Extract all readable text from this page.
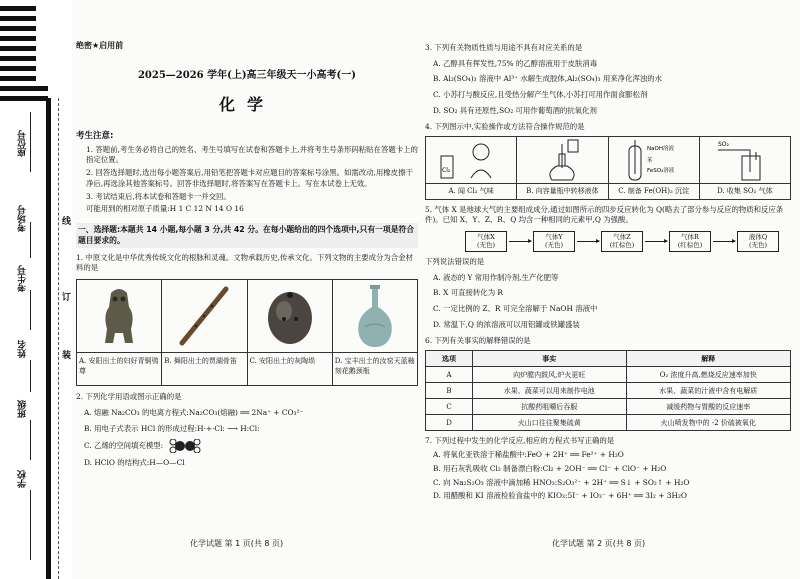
座位号
考场号
考生号
姓名
班级
学校
线
订
装
绝密★启用前
2025—2026 学年(上)高三年级天一小高考(一)
化学
考生注意:
1. 答题前,考生务必将自己的姓名、考生号填写在试卷和答题卡上,并将考生号条形码粘贴在答题卡上的指定位置。
2. 回答选择题时,选出每小题答案后,用铅笔把答题卡对应题目的答案标号涂黑。如需改动,用橡皮擦干净后,再选涂其他答案标号。回答非选择题时,将答案写在答题卡上。写在本试卷上无效。
3. 考试结束后,将本试卷和答题卡一并交回。
可能用到的相对原子质量:H 1 C 12 N 14 O 16
一、选择题:本题共 14 小题,每小题 3 分,共 42 分。在每小题给出的四个选项中,只有一项是符合题目要求的。
1. 中原文化是中华优秀传统文化的根脉和灵魂。文物承载历史,传承文化。下列文物的主要成分为合金材料的是
A. 安阳出土的妇好青铜鸮尊
B. 舞阳出土的贾湖骨笛	C. 安阳出土的灰陶埙	D. 宝丰出土的汝窑天蓝釉刻花鹅颈瓶
2. 下列化学用语或图示正确的是
A. 熔融 Na₂CO₃ 的电离方程式:Na₂CO₃(熔融) ══ 2Na⁺ + CO₃²⁻
B. 用电子式表示 HCl 的形成过程:H·+·Cl: ⟶ H:Cl:
C. 乙烯的空间填充模型:
D. HClO 的结构式:H—O—Cl
3. 下列有关物质性质与用途不具有对应关系的是
A. 乙醇具有挥发性,75% 的乙醇溶液用于皮肤消毒
B. Al₂(SO₄)₃ 溶液中 Al³⁺ 水解生成胶体,Al₂(SO₄)₃ 用来净化浑浊的水
C. 小苏打与酸反应,且受热分解产生气体,小苏打可用作面食膨松剂
D. SO₂ 具有还原性,SO₂ 可用作葡萄酒的抗氧化剂
4. 下列图示中,实验操作或方法符合操作规范的是
Cl₂
A. 闻 Cl₂ 气味	B. 向容量瓶中转移液体
NaOH溶液
苯
FeSO₄溶液
C. 制备 Fe(OH)₂ 沉淀
SO₂
D. 收集 SO₂ 气体
5. 气体 X 是地球大气的主要组成成分,通过如图所示的四步反应转化为 Q(略去了部分参与反应的物质和反应条件)。已知 X、Y、Z、R、Q 均含一种相同的元素甲,Q 为强酸。
气体X
(无色)
气体Y
(无色)
气体Z
(红棕色)
气体R
(红棕色)
液体Q
(无色)
下列说法错误的是
A. 液态的 Y 常用作制冷剂,生产化肥等
B. X 可直接转化为 R
C. 一定比例的 Z、R 可完全溶解于 NaOH 溶液中
D. 常温下,Q 的浓溶液可以用铝罐或铁罐盛装
6. 下列有关事实的解释错误的是
选项	事实	解释
A	向炉膛内鼓风,炉火更旺	O₂ 浓度升高,燃烧反应速率加快
B	水果、蔬菜可以用来制作电池	水果、蔬菜的汁液中含有电解质
C	抗酸药咀嚼后吞服	减缓药物与胃酸的反应速率
D	火山口往往聚集硫黄	火山喷发物中的 -2 价硫被氧化
7. 下列过程中发生的化学反应,相应的方程式书写正确的是
A. 将氧化亚铁溶于稀盐酸中:FeO + 2H⁺ ══ Fe²⁺ + H₂O
B. 用石灰乳吸收 Cl₂ 制备漂白粉:Cl₂ + 2OH⁻ ══ Cl⁻ + ClO⁻ + H₂O
C. 向 Na₂S₂O₃ 溶液中滴加稀 HNO₃:S₂O₃²⁻ + 2H⁺ ══ S↓ + SO₂↑ + H₂O
D. 用醋酸和 KI 溶液检验食盐中的 KIO₃:5I⁻ + IO₃⁻ + 6H⁺ ══ 3I₂ + 3H₂O
化学试题 第 1 页(共 8 页)	化学试题 第 2 页(共 8 页)
